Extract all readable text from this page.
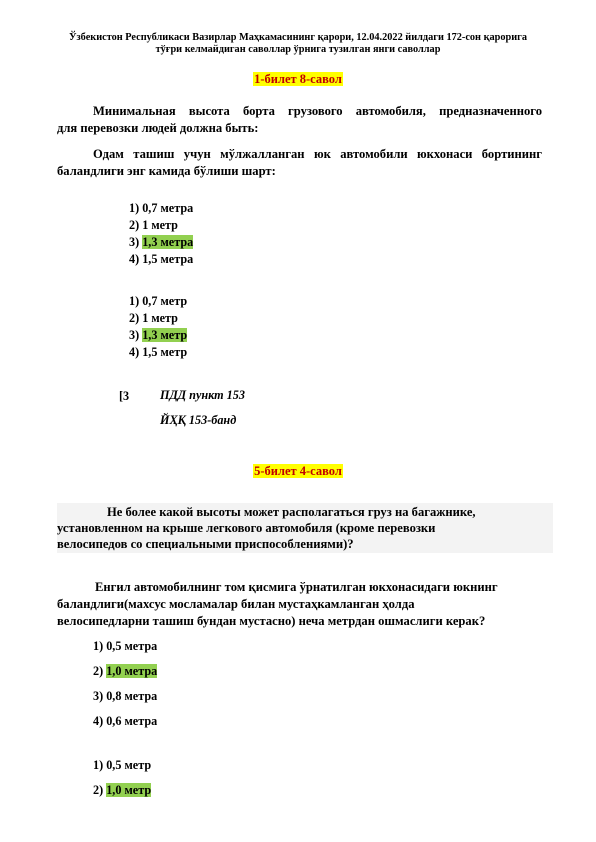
Ўзбекистон Республикаси Вазирлар Маҳкамасининг қарори, 12.04.2022 йилдаги 172-сон қарорига
тўғри келмайдиган саволлар ўрнига тузилган янги саволлар
1-билет 8-савол
Минимальная высота борта грузового автомобиля, предназначенного
для перевозки людей должна быть:
Одам ташиш учун мўлжалланган юк автомобили юкхонаси бортининг
баландлиги энг камида бўлиши шарт:
1) 0,7 метра
2) 1 метр
3) 1,3 метра
4) 1,5 метра
1) 0,7 метр
2) 1 метр
3) 1,3 метр
4) 1,5 метр
[3	ПДД пункт 153
ЙҲҚ 153-банд
5-билет 4-савол
Не более какой высоты может располагаться груз на багажнике,
установленном на крыше легкового автомобиля (кроме перевозки
велосипедов со специальными приспособлениями)?
Енгил автомобилнинг том қисмига ўрнатилган юкхонасидаги юкнинг
баландлиги(махсус мосламалар билан мустаҳкамланган ҳолда
велосипедларни ташиш бундан мустасно) неча метрдан ошмаслиги керак?
1) 0,5 метра
2) 1,0 метра
3) 0,8 метра
4) 0,6 метра
1) 0,5 метр
2) 1,0 метр
